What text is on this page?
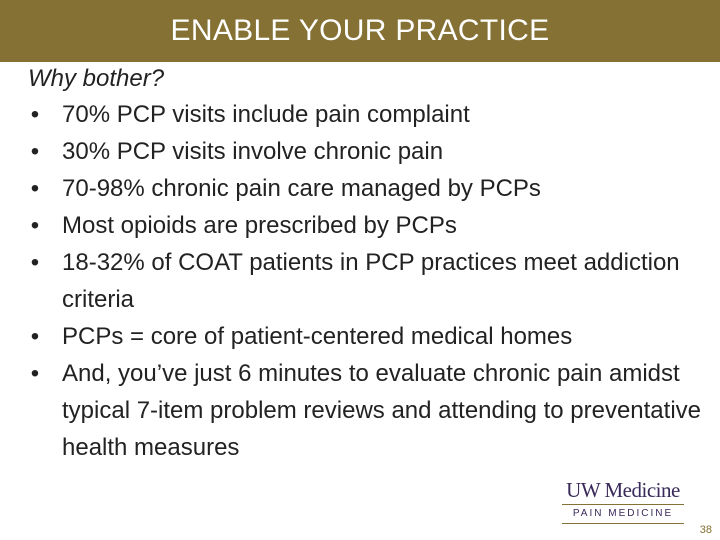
ENABLE YOUR PRACTICE
Why bother?
• 70% PCP visits include pain complaint
• 30% PCP visits involve chronic pain
• 70-98% chronic pain care managed by PCPs
• Most opioids are prescribed by PCPs
• 18-32% of COAT patients in PCP practices meet addiction criteria
• PCPs = core of patient-centered medical homes
• And, you’ve just 6 minutes to evaluate chronic pain amidst typical 7-item problem reviews and attending to preventative health measures
UW Medicine
PAIN MEDICINE
38
